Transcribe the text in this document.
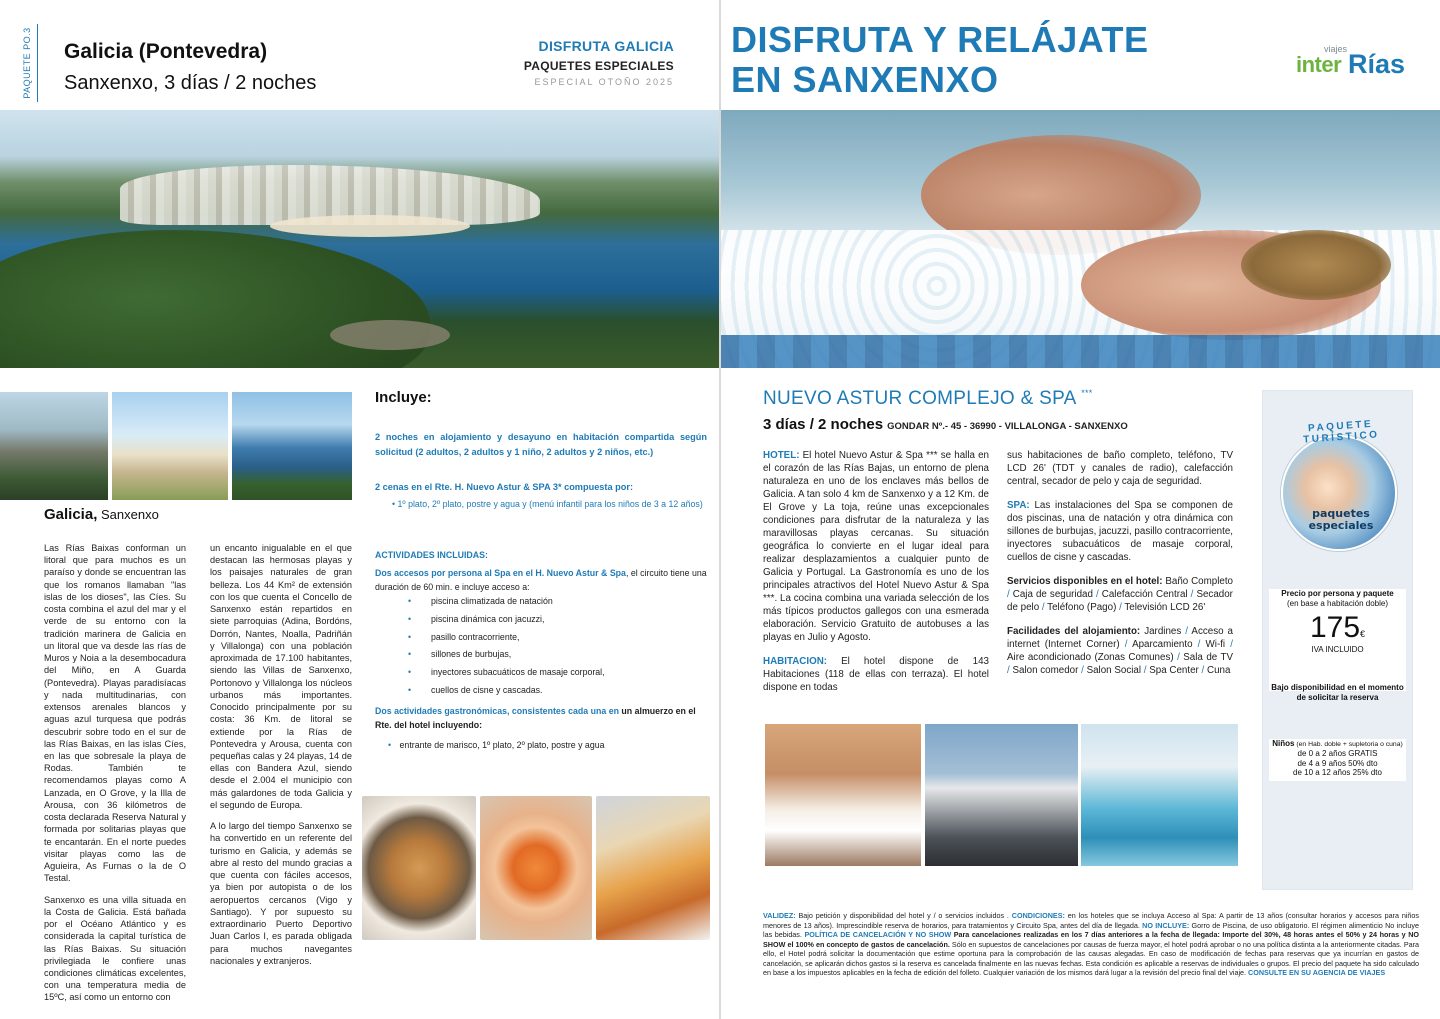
PAQUETE PO.3 Galicia (Pontevedra)
Sanxenxo, 3 días / 2 noches
DISFRUTA GALICIA
PAQUETES ESPECIALES
ESPECIAL OTOÑO 2025
Galicia, Sanxenxo

Las Rías Baixas conforman un litoral que para muchos es un paraíso y donde se encuentran las que los romanos llamaban "las islas de los dioses", las Cíes. Su costa combina el azul del mar y el verde de su entorno con la tradición marinera de Galicia en un litoral que va desde las rías de Muros y Noia a la desembocadura del Miño, en A Guarda (Pontevedra). Playas paradisíacas y nada multitudinarias, con extensos arenales blancos y aguas azul turquesa que podrás descubrir sobre todo en el sur de las Rías Baixas, en las islas Cíes, en las que sobresale la playa de Rodas. También te recomendamos playas como A Lanzada, en O Grove, y la Illa de Arousa, con 36 kilómetros de costa declarada Reserva Natural y formada por solitarias playas que te encantarán. En el norte puedes visitar playas como las de Aguieira, As Furnas o la de O Testal.

Sanxenxo es una villa situada en la Costa de Galicia. Está bañada por el Océano Atlántico y es considerada la capital turística de las Rías Baixas. Su situación privilegiada le confiere unas condiciones climáticas excelentes, con una temperatura media de 15ºC, así como un entorno con

un encanto inigualable en el que destacan las hermosas playas y los paisajes naturales de gran belleza. Los 44 Km² de extensión con los que cuenta el Concello de Sanxenxo están repartidos en siete parroquias (Adina, Bordóns, Dorrón, Nantes, Noalla, Padriñán y Villalonga) con una población aproximada de 17.100 habitantes, siendo las Villas de Sanxenxo, Portonovo y Villalonga los núcleos urbanos más importantes. Conocido principalmente por su costa: 36 Km. de litoral se extiende por la Rías de Pontevedra y Arousa, cuenta con pequeñas calas y 24 playas, 14 de ellas con Bandera Azul, siendo desde el 2.004 el municipio con más galardones de toda Galicia y el segundo de Europa.

A lo largo del tiempo Sanxenxo se ha convertido en un referente del turismo en Galicia, y además se abre al resto del mundo gracias a que cuenta con fáciles accesos, ya bien por autopista o de los aeropuertos cercanos (Vigo y Santiago). Y por supuesto su extraordinario Puerto Deportivo Juan Carlos I, es parada obligada para muchos navegantes nacionales y extranjeros.

Incluye:
2 noches en alojamiento y desayuno en habitación compartida según solicitud (2 adultos, 2 adultos y 1 niño, 2 adultos y 2 niños, etc.)
2 cenas en el Rte. H. Nuevo Astur & SPA 3* compuesta por:
• 1º plato, 2º plato, postre y agua y (menú infantil para los niños de 3 a 12 años)
ACTIVIDADES INCLUIDAS:
Dos accesos por persona al Spa en el H. Nuevo Astur & Spa, el circuito tiene una duración de 60 min. e incluye acceso a:
• piscina climatizada de natación
• piscina dinámica con jacuzzi,
• pasillo contracorriente,
• sillones de burbujas,
• inyectores subacuáticos de masaje corporal,
• cuellos de cisne y cascadas.
Dos actividades gastronómicas, consistentes cada una en un almuerzo en el Rte. del hotel incluyendo:
• entrante de marisco, 1º plato, 2º plato, postre y agua
DISFRUTA Y RELÁJATE
EN SANXENXO
viajes
inter Rías
NUEVO ASTUR COMPLEJO & SPA ***
3 días / 2 noches GONDAR Nº.- 45 - 36990 - VILLALONGA - SANXENXO

HOTEL: El hotel Nuevo Astur & Spa *** se halla en el corazón de las Rías Bajas, un entorno de plena naturaleza en uno de los enclaves más bellos de Galicia. A tan solo 4 km de Sanxenxo y a 12 Km. de El Grove y La toja, reúne unas excepcionales condiciones para disfrutar de la naturaleza y las maravillosas playas cercanas. Su situación geográfica lo convierte en el lugar ideal para realizar desplazamientos a cualquier punto de Galicia y Portugal. La Gastronomía es uno de los principales atractivos del Hotel Nuevo Astur & Spa ***. La cocina combina una variada selección de los más típicos productos gallegos con una esmerada elaboración. Servicio Gratuito de autobuses a las playas en Julio y Agosto.

HABITACION: El hotel dispone de 143 Habitaciones (118 de ellas con terraza). El hotel dispone en todas

sus habitaciones de baño completo, teléfono, TV LCD 26' (TDT y canales de radio), calefacción central, secador de pelo y caja de seguridad.

SPA: Las instalaciones del Spa se componen de dos piscinas, una de natación y otra dinámica con sillones de burbujas, jacuzzi, pasillo contracorriente, inyectores subacuáticos de masaje corporal, cuellos de cisne y cascadas.

Servicios disponibles en el hotel: Baño Completo / Caja de seguridad / Calefacción Central / Secador de pelo / Teléfono (Pago) / Televisión LCD 26'

Facilidades del alojamiento: Jardines / Acceso a internet (Internet Corner) / Aparcamiento / Wi-fi / Aire acondicionado (Zonas Comunes) / Sala de TV / Salon comedor / Salon Social / Spa Center / Cuna

PAQUETE TURÍSTICO
paquetes
especiales
Precio por persona y paquete
(en base a habitación doble)
175€
IVA INCLUIDO
Bajo disponibilidad en el momento de solicitar la reserva
Niños (en Hab. doble + supletoria o cuna)
de 0 a 2 años GRATIS
de 4 a 9 años 50% dto
de 10 a 12 años 25% dto
VALIDEZ: Bajo petición y disponibilidad del hotel y / o servicios incluidos . CONDICIONES: en los hoteles que se incluya Acceso al Spa: A partir de 13 años (consultar horarios y accesos para niños menores de 13 años). Imprescindible reserva de horarios, para tratamientos y Circuito Spa, antes del día de llegada. NO INCLUYE: Gorro de Piscina, de uso obligatorio. El régimen alimenticio No incluye las bebidas. POLÍTICA DE CANCELACIÓN Y NO SHOW Para cancelaciones realizadas en los 7 días anteriores a la fecha de llegada: Importe del 30%, 48 horas antes el 50% y 24 horas y NO SHOW el 100% en concepto de gastos de cancelación. Sólo en supuestos de cancelaciones por causas de fuerza mayor, el hotel podrá aprobar o no una política distinta a la anteriormente citadas. Para ello, el Hotel podrá solicitar la documentación que estime oportuna para la comprobación de las causas alegadas. En caso de modificación de fechas para reservas que ya incurrían en gastos de cancelación, se aplicarán dichos gastos si la reserva es cancelada finalmente en las nuevas fechas. Esta condición es aplicable a reservas de individuales o grupos. El precio del paquete ha sido calculado en base a los impuestos aplicables en la fecha de edición del folleto. Cualquier variación de los mismos dará lugar a la revisión del precio final del viaje. CONSULTE EN SU AGENCIA DE VIAJES
